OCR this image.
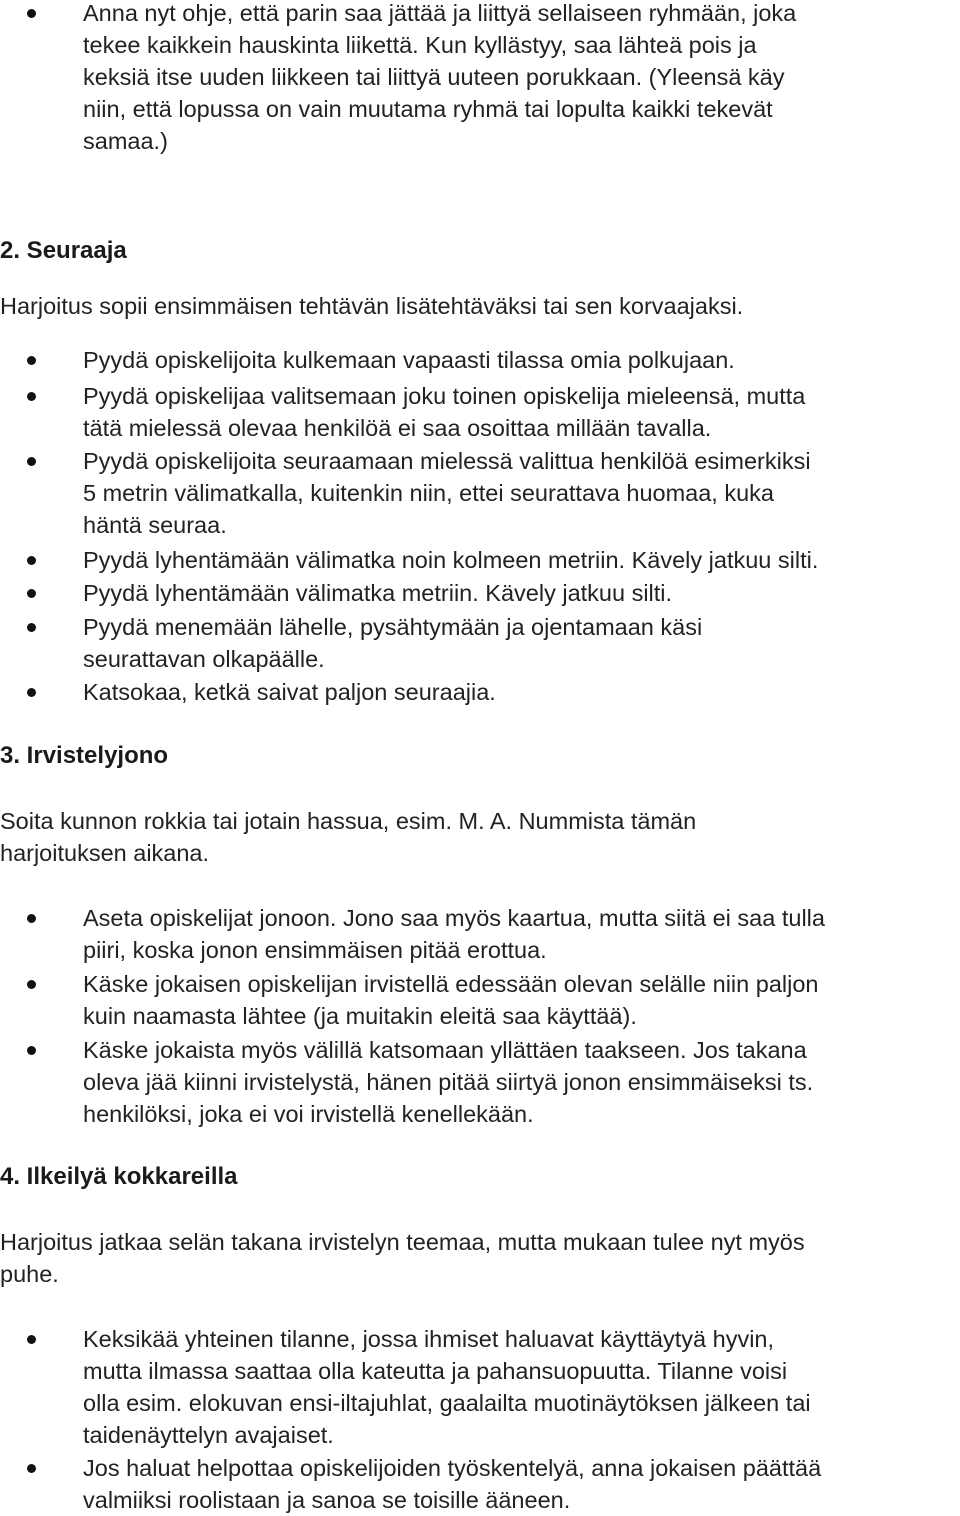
Anna nyt ohje, että parin saa jättää ja liittyä sellaiseen ryhmään, joka
tekee kaikkein hauskinta liikettä. Kun kyllästyy, saa lähteä pois ja
keksiä itse uuden liikkeen tai liittyä uuteen porukkaan. (Yleensä käy
niin, että lopussa on vain muutama ryhmä tai lopulta kaikki tekevät
samaa.)
2. Seuraaja
Harjoitus sopii ensimmäisen tehtävän lisätehtäväksi tai sen korvaajaksi.
Pyydä opiskelijoita kulkemaan vapaasti tilassa omia polkujaan.
Pyydä opiskelijaa valitsemaan joku toinen opiskelija mieleensä, mutta
tätä mielessä olevaa henkilöä ei saa osoittaa millään tavalla.
Pyydä opiskelijoita seuraamaan mielessä valittua henkilöä esimerkiksi
5 metrin välimatkalla, kuitenkin niin, ettei seurattava huomaa, kuka
häntä seuraa.
Pyydä lyhentämään välimatka noin kolmeen metriin. Kävely jatkuu silti.
Pyydä lyhentämään välimatka metriin. Kävely jatkuu silti.
Pyydä menemään lähelle, pysähtymään ja ojentamaan käsi
seurattavan olkapäälle.
Katsokaa, ketkä saivat paljon seuraajia.
3. Irvistelyjono
Soita kunnon rokkia tai jotain hassua, esim. M. A. Nummista tämän
harjoituksen aikana.
Aseta opiskelijat jonoon. Jono saa myös kaartua, mutta siitä ei saa tulla
piiri, koska jonon ensimmäisen pitää erottua.
Käske jokaisen opiskelijan irvistellä edessään olevan selälle niin paljon
kuin naamasta lähtee (ja muitakin eleitä saa käyttää).
Käske jokaista myös välillä katsomaan yllättäen taakseen. Jos takana
oleva jää kiinni irvistelystä, hänen pitää siirtyä jonon ensimmäiseksi ts.
henkilöksi, joka ei voi irvistellä kenellekään.
4. Ilkeilyä kokkareilla
Harjoitus jatkaa selän takana irvistelyn teemaa, mutta mukaan tulee nyt myös
puhe.
Keksikää yhteinen tilanne, jossa ihmiset haluavat käyttäytyä hyvin,
mutta ilmassa saattaa olla kateutta ja pahansuopuutta. Tilanne voisi
olla esim. elokuvan ensi-iltajuhlat, gaalailta muotinäytöksen jälkeen tai
taidenäyttelyn avajaiset.
Jos haluat helpottaa opiskelijoiden työskentelyä, anna jokaisen päättää
valmiiksi roolistaan ja sanoa se toisille ääneen.
